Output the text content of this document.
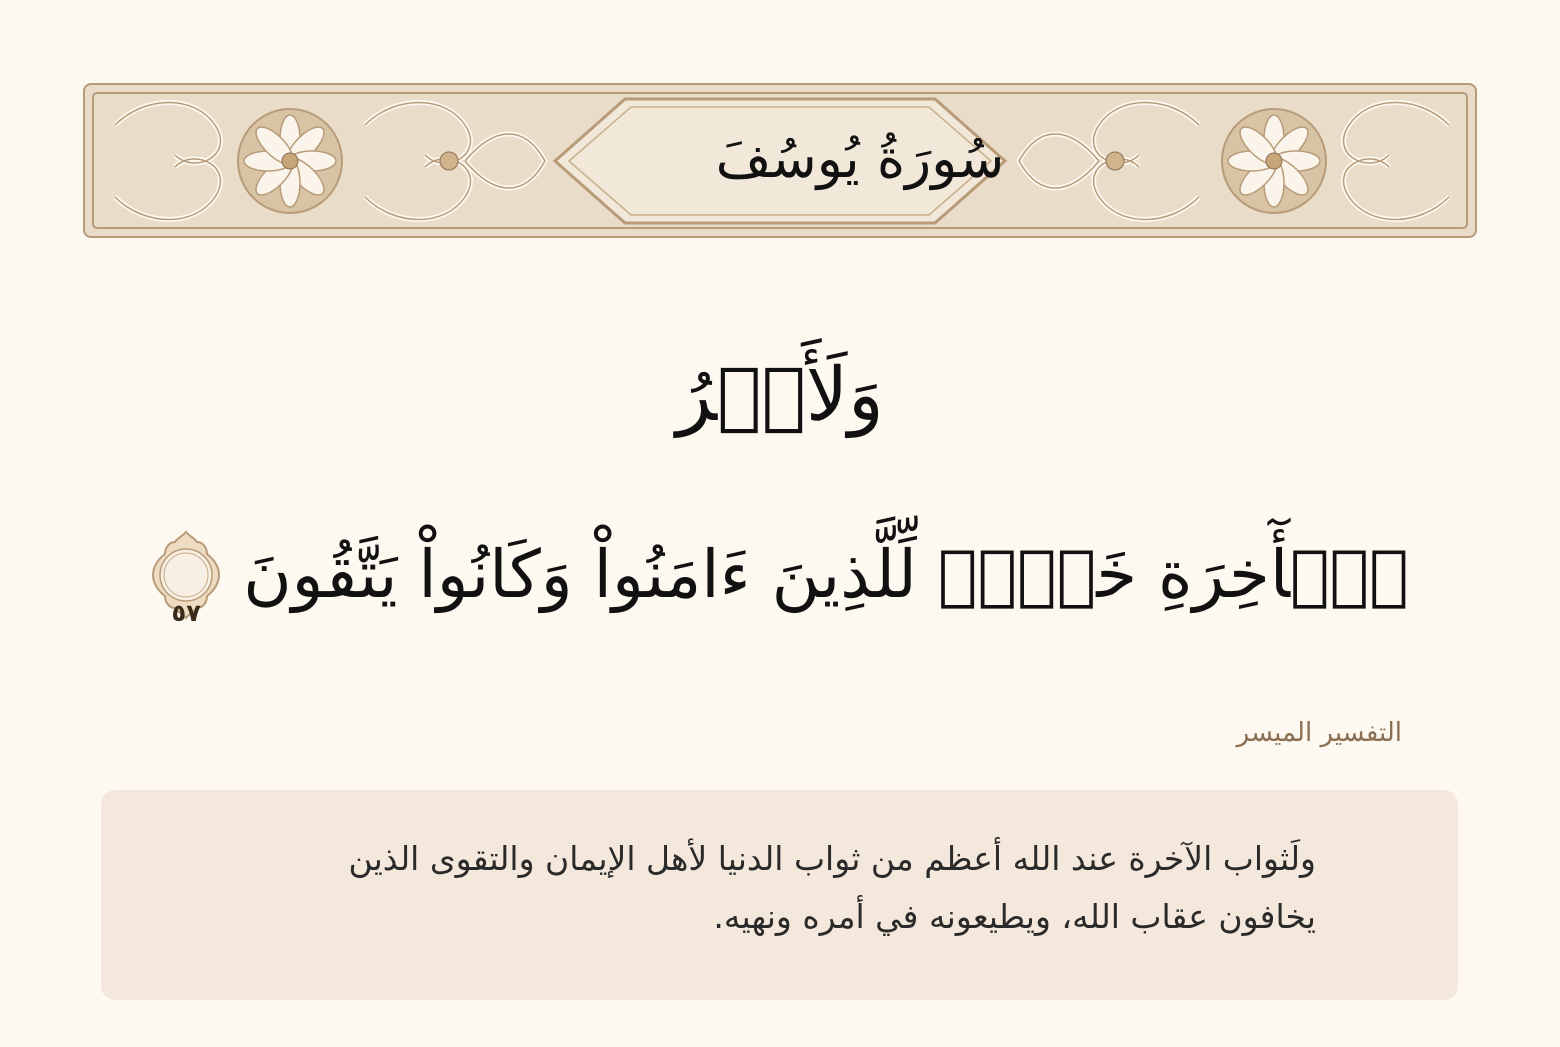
سُورَةُ يُوسُفَ
وَلَأَجۡرُ
ٱلۡأٓخِرَةِ خَيۡرٞ لِّلَّذِينَ ءَامَنُواْ وَكَانُواْ يَتَّقُونَ
٥٧
التفسير الميسر
ولَثواب الآخرة عند الله أعظم من ثواب الدنيا لأهل الإيمان والتقوى الذين يخافون عقاب الله، ويطيعونه في أمره ونهيه.
